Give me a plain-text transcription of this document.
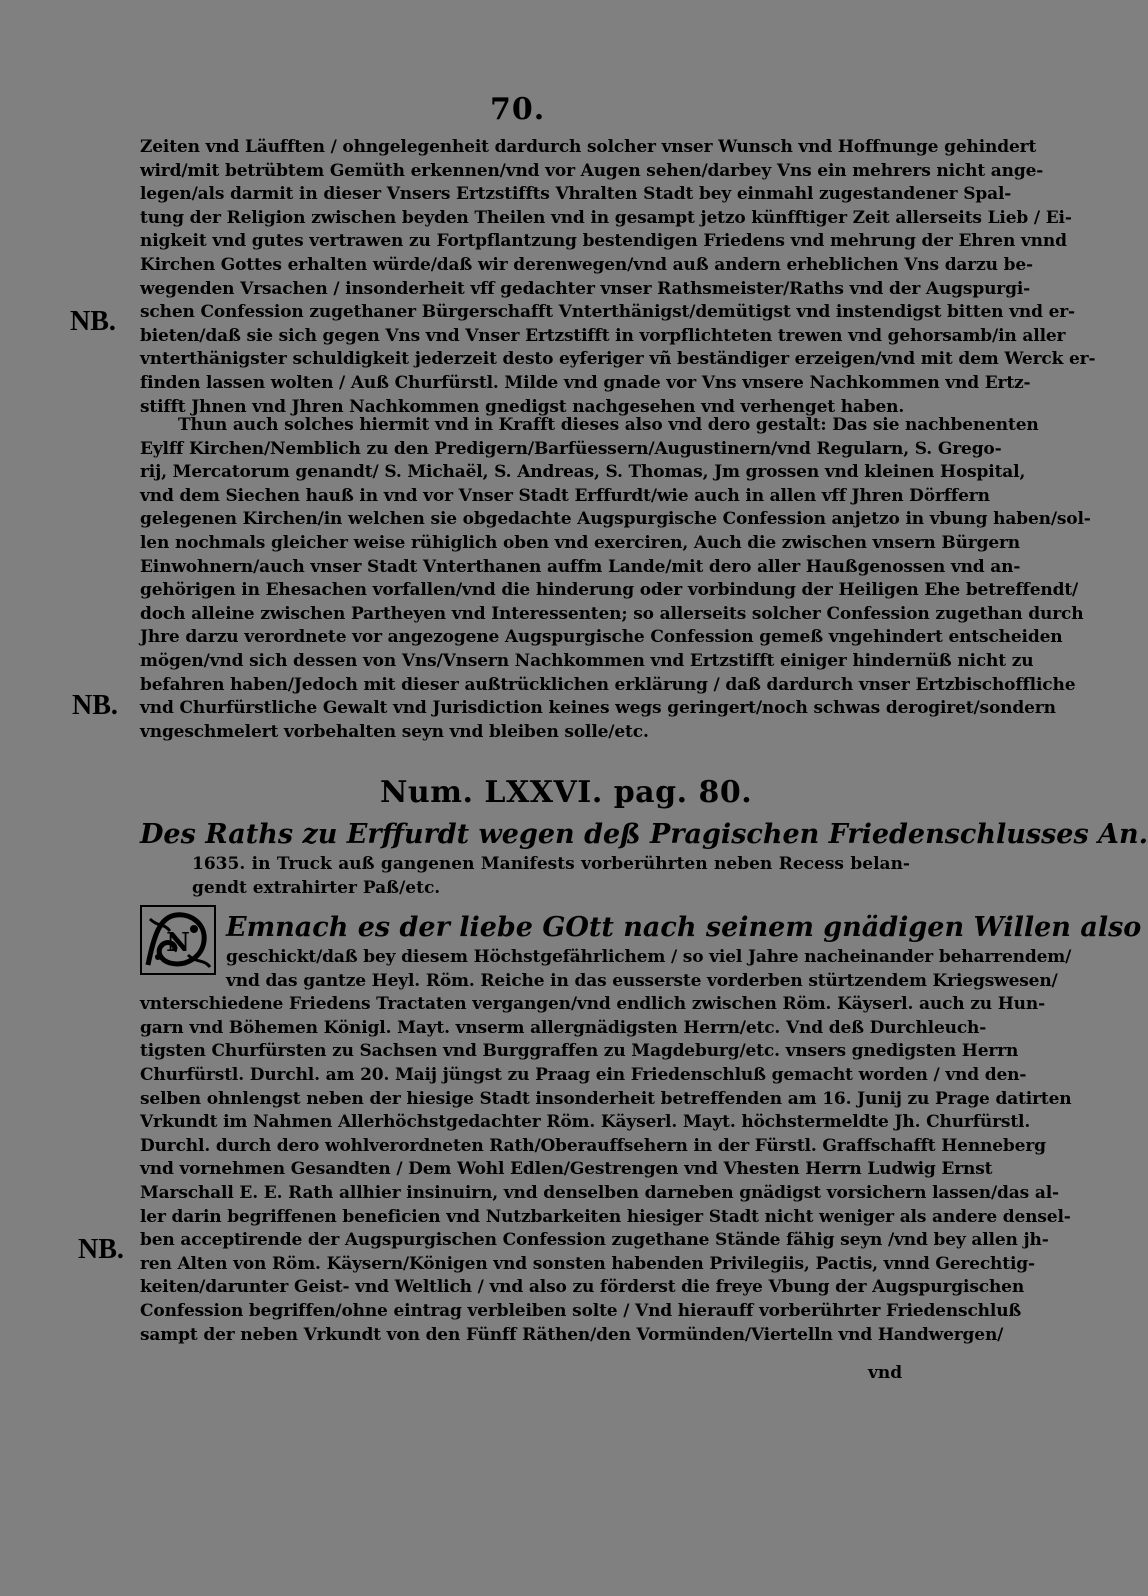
70.
NB.
NB.
NB.
Zeiten vnd Läufften / ohngelegenheit dardurch solcher vnser Wunsch vnd Hoffnunge gehindert
wird/mit betrübtem Gemüth erkennen/vnd vor Augen sehen/darbey Vns ein mehrers nicht ange-
legen/als darmit in dieser Vnsers Ertzstiffts Vhralten Stadt bey einmahl zugestandener Spal-
tung der Religion zwischen beyden Theilen vnd in gesampt jetzo künfftiger Zeit allerseits Lieb / Ei-
nigkeit vnd gutes vertrawen zu Fortpflantzung bestendigen Friedens vnd mehrung der Ehren vnnd
Kirchen Gottes erhalten würde/daß wir derenwegen/vnd auß andern erheblichen Vns darzu be-
wegenden Vrsachen / insonderheit vff gedachter vnser Rathsmeister/Raths vnd der Augspurgi-
schen Confession zugethaner Bürgerschafft Vnterthänigst/demütigst vnd instendigst bitten vnd er-
bieten/daß sie sich gegen Vns vnd Vnser Ertzstifft in vorpflichteten trewen vnd gehorsamb/in aller
vnterthänigster schuldigkeit jederzeit desto eyferiger vñ beständiger erzeigen/vnd mit dem Werck er-
finden lassen wolten / Auß Churfürstl. Milde vnd gnade vor Vns vnsere Nachkommen vnd Ertz-
stifft Jhnen vnd Jhren Nachkommen gnedigst nachgesehen vnd verhenget haben.
Thun auch solches hiermit vnd in Krafft dieses also vnd dero gestalt: Das sie nachbenenten
Eylff Kirchen/Nemblich zu den Predigern/Barfüessern/Augustinern/vnd Regularn, S. Grego-
rij, Mercatorum genandt/ S. Michaël, S. Andreas, S. Thomas, Jm grossen vnd kleinen Hospital,
vnd dem Siechen hauß in vnd vor Vnser Stadt Erffurdt/wie auch in allen vff Jhren Dörffern
gelegenen Kirchen/in welchen sie obgedachte Augspurgische Confession anjetzo in vbung haben/sol-
len nochmals gleicher weise rühiglich oben vnd exerciren, Auch die zwischen vnsern Bürgern
Einwohnern/auch vnser Stadt Vnterthanen auffm Lande/mit dero aller Haußgenossen vnd an-
gehörigen in Ehesachen vorfallen/vnd die hinderung oder vorbindung der Heiligen Ehe betreffendt/
doch alleine zwischen Partheyen vnd Interessenten; so allerseits solcher Confession zugethan durch
Jhre darzu verordnete vor angezogene Augspurgische Confession gemeß vngehindert entscheiden
mögen/vnd sich dessen von Vns/Vnsern Nachkommen vnd Ertzstifft einiger hindernüß nicht zu
befahren haben/Jedoch mit dieser außtrücklichen erklärung / daß dardurch vnser Ertzbischoffliche
vnd Churfürstliche Gewalt vnd Jurisdiction keines wegs geringert/noch schwas derogiret/sondern
vngeschmelert vorbehalten seyn vnd bleiben solle/etc.
Num. LXXVI. pag. 80.
Des Raths zu Erffurdt wegen deß Pragischen Friedenschlusses An.
1635. in Truck auß gangenen Manifests vorberührten neben Recess belan-
gendt extrahirter Paß/etc.
N	Emnach es der liebe GOtt nach seinem gnädigen Willen also
geschickt/daß bey diesem Höchstgefährlichem / so viel Jahre nacheinander beharrendem/
vnd das gantze Heyl. Röm. Reiche in das eusserste vorderben stürtzendem Kriegswesen/
vnterschiedene Friedens Tractaten vergangen/vnd endlich zwischen Röm. Käyserl. auch zu Hun-
garn vnd Böhemen Königl. Mayt. vnserm allergnädigsten Herrn/etc. Vnd deß Durchleuch-
tigsten Churfürsten zu Sachsen vnd Burggraffen zu Magdeburg/etc. vnsers gnedigsten Herrn
Churfürstl. Durchl. am 20. Maij jüngst zu Praag ein Friedenschluß gemacht worden / vnd den-
selben ohnlengst neben der hiesige Stadt insonderheit betreffenden am 16. Junij zu Prage datirten
Vrkundt im Nahmen Allerhöchstgedachter Röm. Käyserl. Mayt. höchstermeldte Jh. Churfürstl.
Durchl. durch dero wohlverordneten Rath/Oberauffsehern in der Fürstl. Graffschafft Henneberg
vnd vornehmen Gesandten / Dem Wohl Edlen/Gestrengen vnd Vhesten Herrn Ludwig Ernst
Marschall E. E. Rath allhier insinuirn, vnd denselben darneben gnädigst vorsichern lassen/das al-
ler darin begriffenen beneficien vnd Nutzbarkeiten hiesiger Stadt nicht weniger als andere densel-
ben acceptirende der Augspurgischen Confession zugethane Stände fähig seyn /vnd bey allen jh-
ren Alten von Röm. Käysern/Königen vnd sonsten habenden Privilegiis, Pactis, vnnd Gerechtig-
keiten/darunter Geist- vnd Weltlich / vnd also zu förderst die freye Vbung der Augspurgischen
Confession begriffen/ohne eintrag verbleiben solte / Vnd hierauff vorberührter Friedenschluß
sampt der neben Vrkundt von den Fünff Räthen/den Vormünden/Viertelln vnd Handwergen/
vnd
